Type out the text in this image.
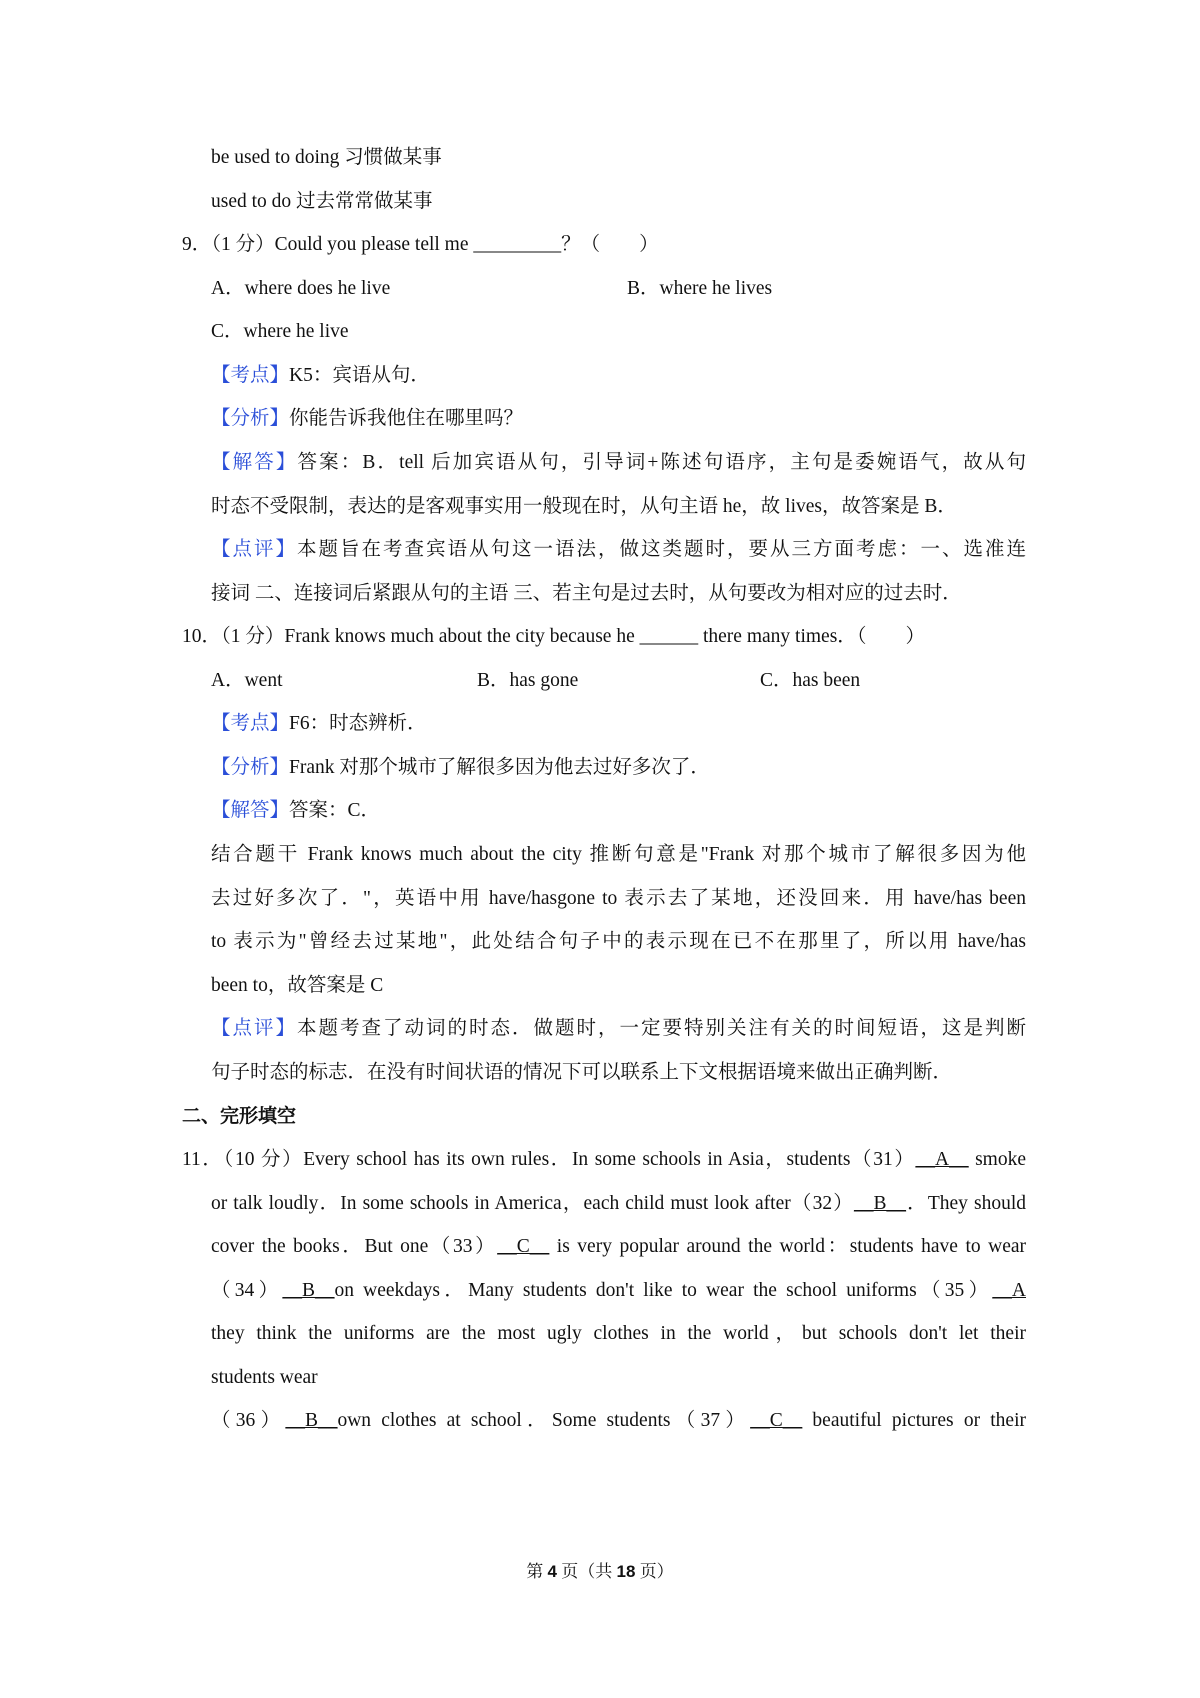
be used to doing 习惯做某事
used to do 过去常常做某事
9．（1 分）Could you please tell me _________？（　　）
A．where does he live	B．where he lives
C．where he live
【考点】K5：宾语从句．
【分析】你能告诉我他住在哪里吗？
【解答】答案：B．tell 后加宾语从句，引导词+陈述句语序，主句是委婉语气，故从句
时态不受限制，表达的是客观事实用一般现在时，从句主语 he，故 lives，故答案是 B．
【点评】本题旨在考查宾语从句这一语法，做这类题时，要从三方面考虑：一、选准连
接词 二、连接词后紧跟从句的主语 三、若主句是过去时，从句要改为相对应的过去时．
10．（1 分）Frank knows much about the city because he ______ there many times．（　　）
A．went	B．has gone	C．has been
【考点】F6：时态辨析．
【分析】Frank 对那个城市了解很多因为他去过好多次了．
【解答】答案：C．
结合题干 Frank knows much about the city 推断句意是"Frank 对那个城市了解很多因为他
去过好多次了．"，英语中用 have/hasgone to 表示去了某地，还没回来．用 have/has been
to 表示为"曾经去过某地"，此处结合句子中的表示现在已不在那里了，所以用 have/has
been to，故答案是 C
【点评】本题考查了动词的时态．做题时，一定要特别关注有关的时间短语，这是判断
句子时态的标志．在没有时间状语的情况下可以联系上下文根据语境来做出正确判断．
二、完形填空
11．（10 分）Every school has its own rules．In some schools in Asia，students（31）__A__ smoke
or talk loudly．In some schools in America，each child must look after（32）__B__．They should
cover the books．But one（33）__C__ is very popular around the world：students have to wear
（34）__B__on weekdays．Many students don't like to wear the school uniforms（35）__A
they think the uniforms are the most ugly clothes in the world，but schools don't let their
students wear
（36）__B__own clothes at school．Some students（37）__C__ beautiful pictures or their
第 4 页（共 18 页）
